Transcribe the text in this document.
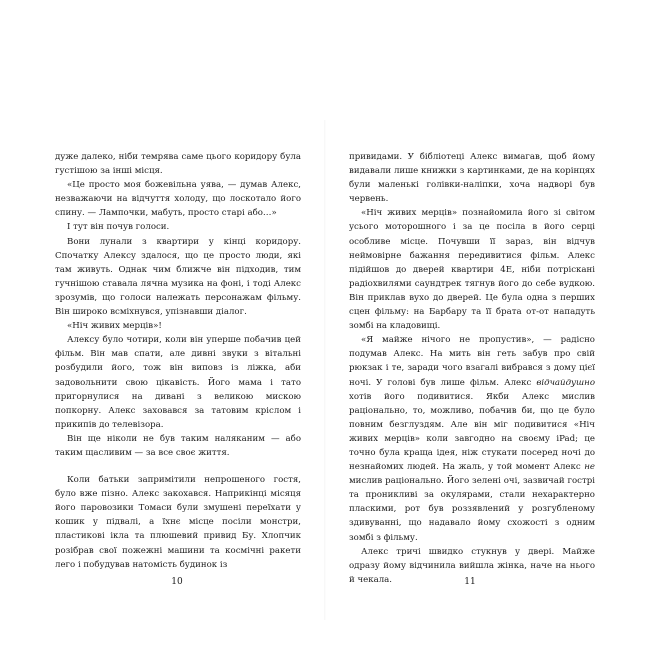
дуже далеко, ніби темрява саме цього коридору була густішою за інші місця.

«Це просто моя божевільна уява, — думав Алекс, незважаючи на відчуття холоду, що лоскотало його спину. — Лампочки, мабуть, просто старі або…»

І тут він почув голоси.

Вони лунали з квартири у кінці коридору. Спочатку Алексу здалося, що це просто люди, які там живуть. Однак чим ближче він підходив, тим гучнішою ставала лячна музика на фоні, і тоді Алекс зрозумів, що голоси належать персонажам фільму. Він широко всміхнувся, упізнавши діалог.

«Ніч живих мерців»!

Алексу було чотири, коли він уперше побачив цей фільм. Він мав спати, але дивні звуки з вітальні розбудили його, тож він виповз із ліжка, аби задовольнити свою цікавість. Його мама і тато пригорнулися на дивані з великою мискою попкорну. Алекс заховався за татовим кріслом і прикипів до телевізора.

Він ще ніколи не був таким наляканим — або таким щасливим — за все своє життя.

Коли батьки запримітили непрошеного гостя, було вже пізно. Алекс закохався. Наприкінці місяця його паровозики Томаси були змушені переїхати у кошик у підвалі, а їхнє місце посіли монстри, пластикові ікла та плюшевий привид Бу. Хлопчик розібрав свої пожежні машини та космічні ракети лего і побудував натомість будинок із

10

привидами. У бібліотеці Алекс вимагав, щоб йому видавали лише книжки з картинками, де на корінцях були маленькі голівки-наліпки, хоча надворі був червень.

«Ніч живих мерців» познайомила його зі світом усього моторошного і за це посіла в його серці особливе місце. Почувши її зараз, він відчув неймовірне бажання передивитися фільм. Алекс підійшов до дверей квартири 4Е, ніби потріскані радіохвилями саундтрек тягнув його до себе вудкою. Він приклав вухо до дверей. Це була одна з перших сцен фільму: на Барбару та її брата от-от нападуть зомбі на кладовищі.

«Я майже нічого не пропустив», — радісно подумав Алекс. На мить він геть забув про свій рюкзак і те, заради чого взагалі вибрався з дому цієї ночі. У голові був лише фільм. Алекс відчайдушно хотів його подивитися. Якби Алекс мислив раціонально, то, можливо, побачив би, що це було повним безглуздям. Але він міг подивитися «Ніч живих мерців» коли завгодно на своєму iPad; це точно була краща ідея, ніж стукати посеред ночі до незнайомих людей. На жаль, у той момент Алекс не мислив раціонально. Його зелені очі, зазвичай гострі та проникливі за окулярами, стали нехарактерно пласкими, рот був роззявлений у розгубленому здивуванні, що надавало йому схожості з одним зомбі з фільму.

Алекс тричі швидко стукнув у двері. Майже одразу йому відчинила вийшла жінка, наче на нього й чекала.	11
